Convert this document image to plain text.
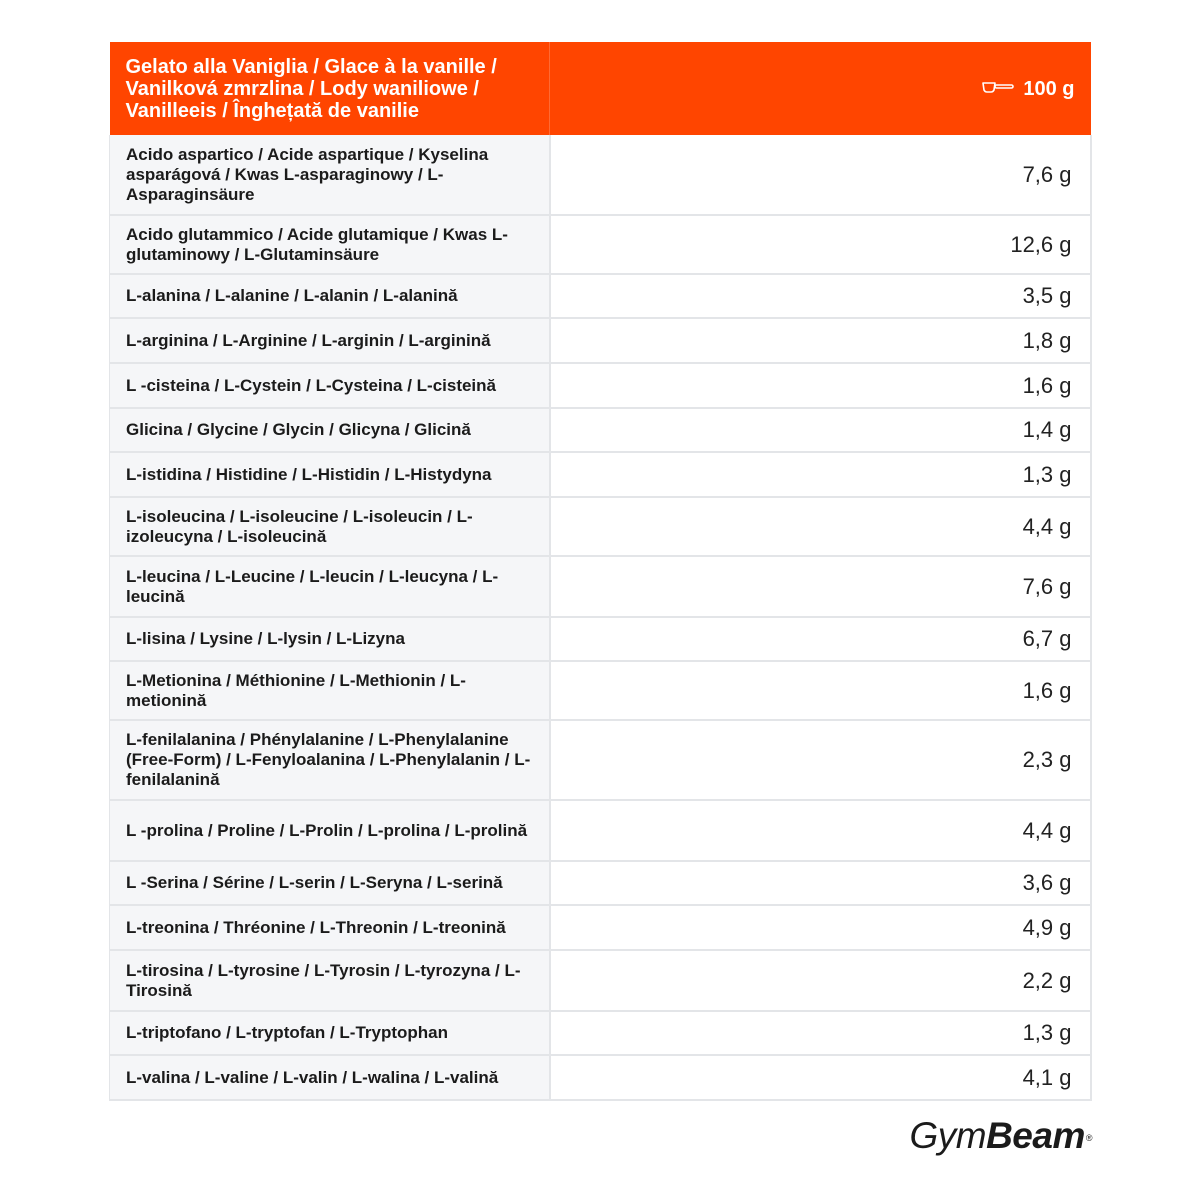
Gelato alla Vaniglia / Glace à la vanille / Vanilková zmrzlina / Lody waniliowe / Vanilleeis / Înghețată de vanilie	100 g
Acido aspartico / Acide aspartique / Kyselina asparágová / Kwas L-asparaginowy / L-Asparaginsäure	7,6 g
Acido glutammico / Acide glutamique / Kwas L-glutaminowy / L-Glutaminsäure	12,6 g
L-alanina / L-alanine / L-alanin / L-alanină	3,5 g
L-arginina / L-Arginine / L-arginin / L-arginină	1,8 g
L -cisteina / L-Cystein / L-Cysteina / L-cisteină	1,6 g
Glicina / Glycine / Glycin / Glicyna / Glicină	1,4 g
L-istidina / Histidine / L-Histidin / L-Histydyna	1,3 g
L-isoleucina / L-isoleucine / L-isoleucin / L-izoleucyna / L-isoleucină	4,4 g
L-leucina / L-Leucine / L-leucin / L-leucyna / L-leucină	7,6 g
L-lisina / Lysine / L-lysin / L-Lizyna	6,7 g
L-Metionina / Méthionine / L-Methionin / L-metionină	1,6 g
L-fenilalanina / Phénylalanine / L-Phenylalanine (Free-Form) / L-Fenyloalanina / L-Phenylalanin / L-fenilalanină	2,3 g
L -prolina / Proline / L-Prolin / L-prolina / L-prolină	4,4 g
L -Serina / Sérine / L-serin / L-Seryna / L-serină	3,6 g
L-treonina / Thréonine / L-Threonin / L-treonină	4,9 g
L-tirosina / L-tyrosine / L-Tyrosin / L-tyrozyna / L-Tirosină	2,2 g
L-triptofano / L-tryptofan / L-Tryptophan	1,3 g
L-valina / L-valine / L-valin / L-walina / L-valină	4,1 g
GymBeam®
